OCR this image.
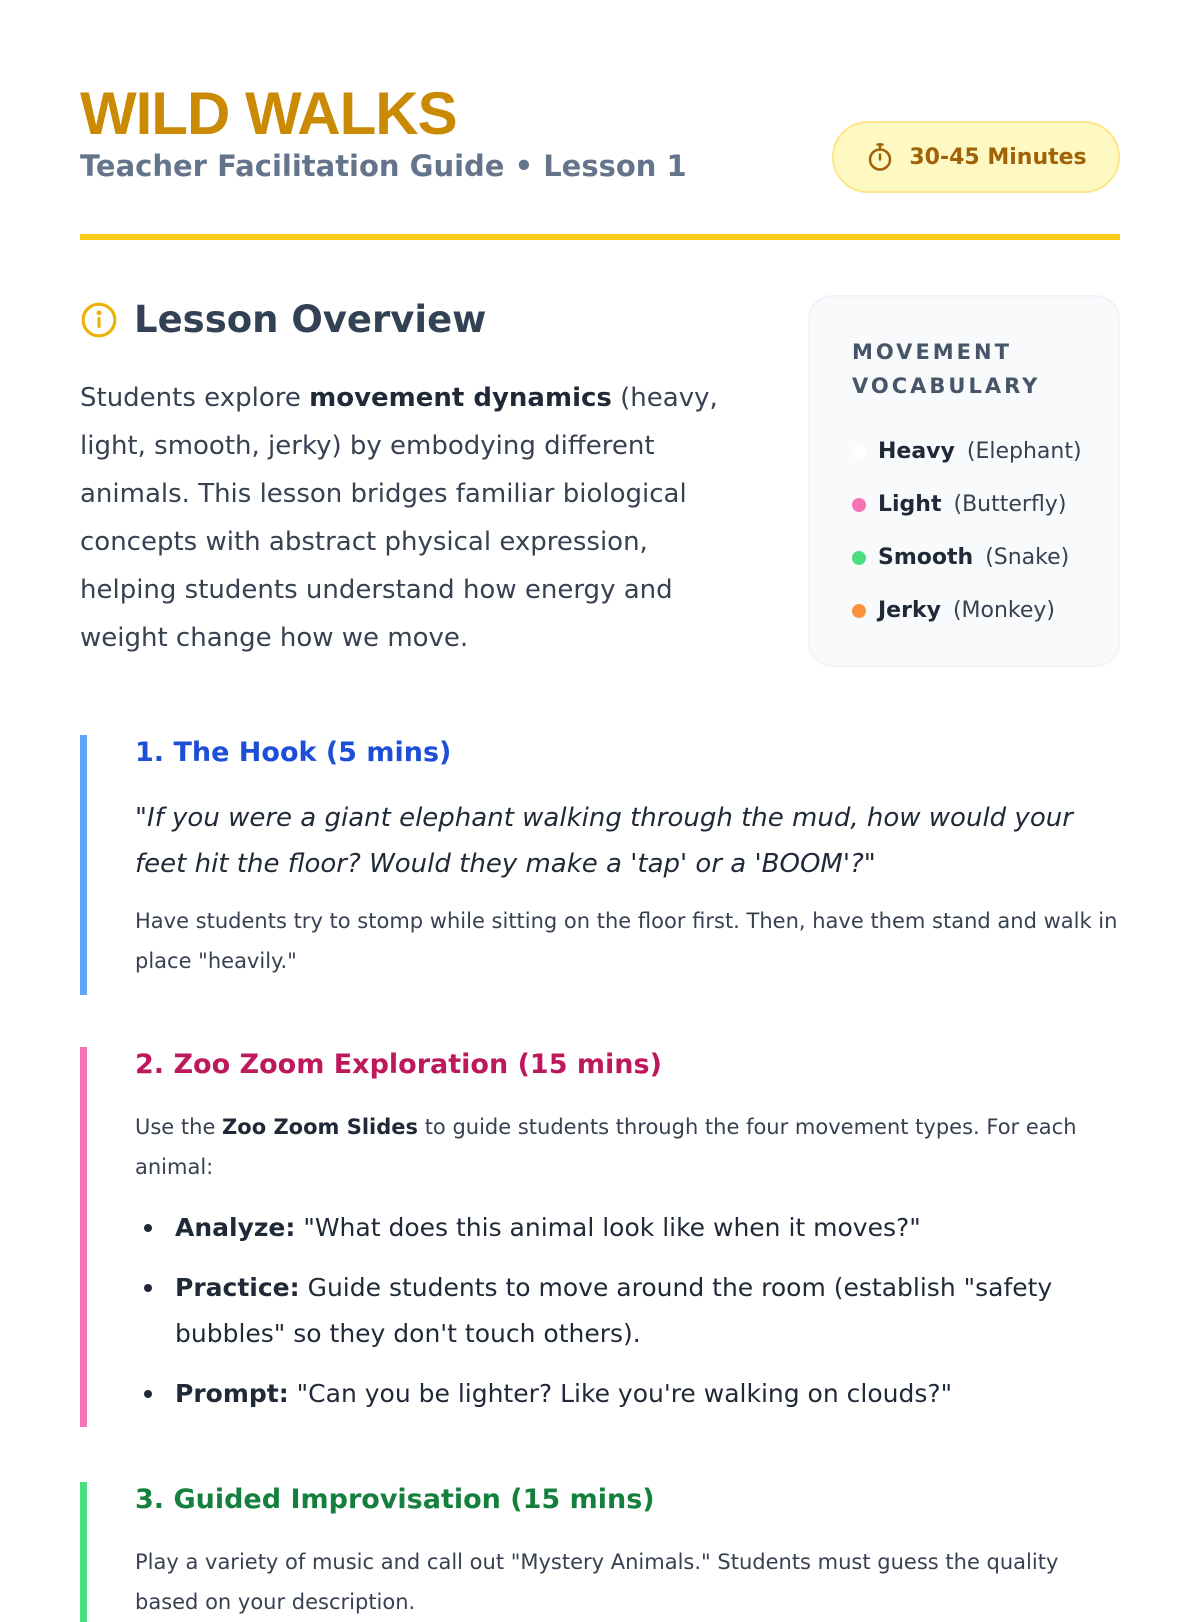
WILD WALKS
Teacher Facilitation Guide • Lesson 1	30-45 Minutes
Lesson Overview

Students explore movement dynamics (heavy, light, smooth, jerky) by embodying different animals. This lesson bridges familiar biological concepts with abstract physical expression, helping students understand how energy and weight change how we move.

MOVEMENT VOCABULARY
Heavy (Elephant)
Light (Butterfly)
Smooth (Snake)
Jerky (Monkey)
1. The Hook (5 mins)

"If you were a giant elephant walking through the mud, how would your feet hit the floor? Would they make a 'tap' or a 'BOOM'?"

Have students try to stomp while sitting on the floor first. Then, have them stand and walk in place "heavily."

2. Zoo Zoom Exploration (15 mins)

Use the Zoo Zoom Slides to guide students through the four movement types. For each animal:

Analyze: "What does this animal look like when it moves?"
Practice: Guide students to move around the room (establish "safety bubbles" so they don't touch others).
Prompt: "Can you be lighter? Like you're walking on clouds?"
3. Guided Improvisation (15 mins)

Play a variety of music and call out "Mystery Animals." Students must guess the quality based on your description.
